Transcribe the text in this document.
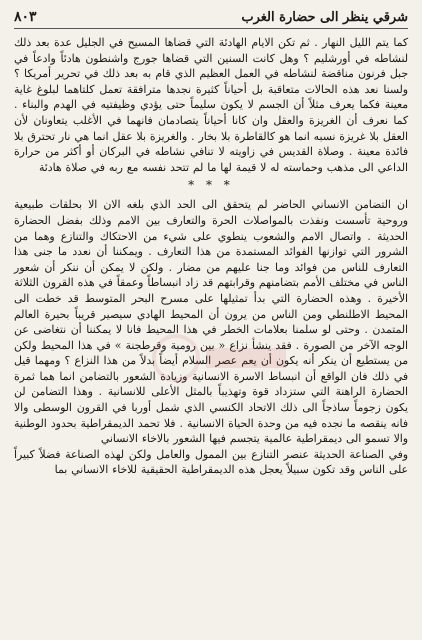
شرقي ينظر الى حضارة الغرب
٨٠٣

كما يتم الليل النهار . ثم تكن الايام الهادئة التي قضاها المسيح في الجليل عدة بعد ذلك لنشاطه في أورشليم ؟ وهل كانت السنين التي قضاها جورج واشنطون هادئاً وادعاً في جبل فرنون مناقضة لنشاطه في العمل العظيم الذي قام به بعد ذلك في تحرير أمريكا ؟ ولسنا نعد هذه الحالات متعاقبة بل أحياناً كثيرة نجدها مترافقة تعمل كلتاهما لبلوغ غاية معينة فكما يعرف مثلاً أن الجسم لا يكون سليماً حتى يؤدي وظيفتيه في الهدم والبناء . كما نعرف أن الغريزة والعقل وان كانا أحياناً يتصادمان فانهما في الأغلب يتعاونان لأن العقل بلا غريزة نسبه انما هو كالقاطرة بلا بخار . والغريزة بلا عقل انما هي نار تحترق بلا فائدة معينة . وصلاة القديس في زاويته لا تنافي نشاطه في البركان أو أكثر من حرارة الداعي الى مذهب وحماسته له لا قيمة لها ما لم تتحد نفسه مع ربه في صلاة هادئة

* * *

ان التضامن الانساني الحاضر لم يتحقق الى الحد الذي بلغه الان الا بحلقات طبيعية وروحية تأسست ونفذت بالمواصلات الحرة والتعارف بين الامم وذلك بفضل الحضارة الحديثة . واتصال الامم والشعوب ينطوي على شيء من الاحتكاك والتنازع وهما من الشرور التي توازنها الفوائد المستمدة من هذا التعارف . ويمكننا أن نعدد ما جنى هذا التعارف للناس من فوائد وما جنا عليهم من مضار . ولكن لا يمكن أن ننكر أن شعور الناس في مختلف الأمم بتضامنهم وقرابتهم قد زاد انبساطاً وعمقاً في هذه القرون الثلاثة الأخيرة . وهذه الحضارة التي بدأ تمثيلها على مسرح البحر المتوسط قد خطت الى المحيط الاطلنطي ومن الناس من يرون أن المحيط الهادي سيصير قريباً بحيرة العالم المتمدن . وحتى لو سلمنا بعلامات الخطر في هذا المحيط فانا لا يمكننا أن نتغاضى عن الوجه الآخر من الصورة . فقد ينشأ نزاع « بين رومية وقرطجنة » في هذا المحيط ولكن من يستطيع أن ينكر أنه يكون أن يعم عصر السلام أيضاً بدلاً من هذا النزاع ؟ ومهما قيل في ذلك فان الواقع أن انبساط الاسرة الانسانية وزيادة الشعور بالتضامن انما هما ثمرة الحضارة الراهنة التي ستزداد قوة وتهذيباً بالمثل الأعلى للانسانية . وهذا التضامن لن يكون زجوماً ساذجاً الى ذلك الاتحاد الكنسي الذي شمل أوربا في القرون الوسطى والا فانه ينقصه ما نجده فيه من وحدة الحياة الانسانية . فلا تحمد الديمقراطية بحدود الوطنية والا تسمو الى ديمقراطية عالمية يتجسم فيها الشعور بالاخاء الانساني

وفي الصناعة الحديثة عنصر التنازع بين الممول والعامل ولكن لهذه الصناعة فضلاً كبيراً على الناس وقد تكون سبيلاً يعجل هذه الديمقراطية الحقيقية للاخاء الانساني بما
